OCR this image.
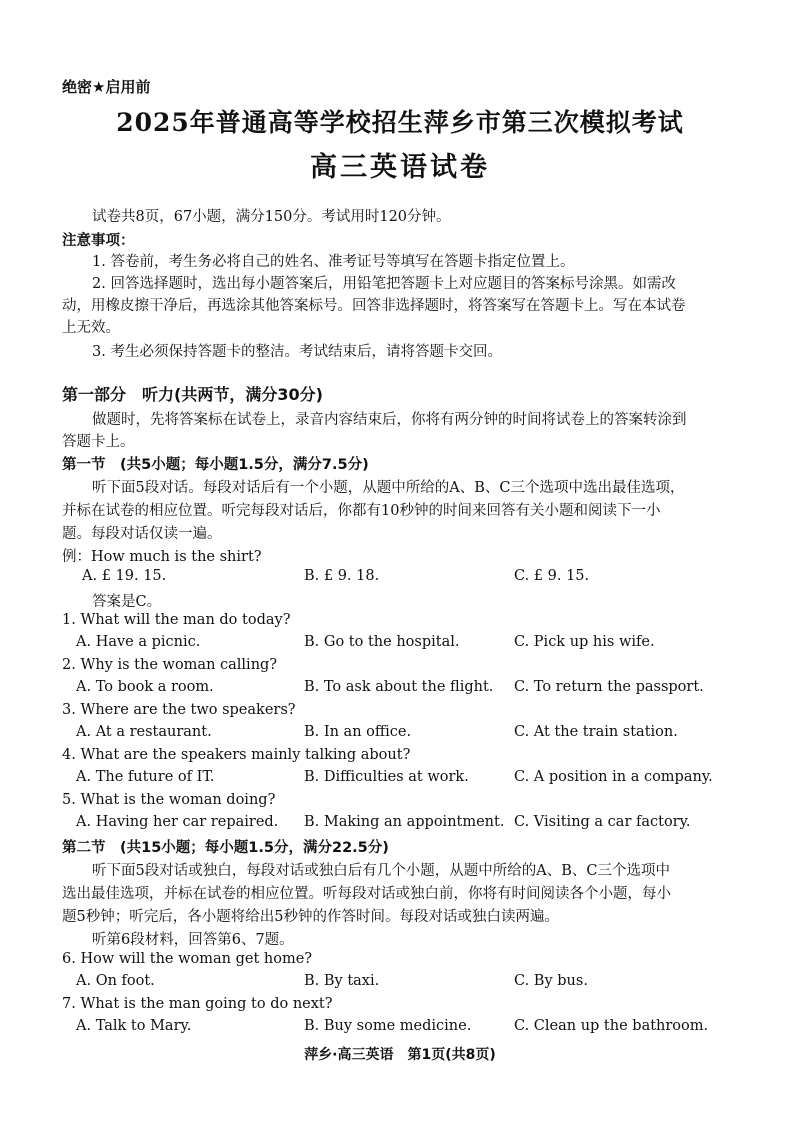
绝密★启用前
2025年普通高等学校招生萍乡市第三次模拟考试
高三英语试卷
试卷共8页，67小题，满分150分。考试用时120分钟。
注意事项：
1. 答卷前，考生务必将自己的姓名、准考证号等填写在答题卡指定位置上。
2. 回答选择题时，选出每小题答案后，用铅笔把答题卡上对应题目的答案标号涂黑。如需改
动，用橡皮擦干净后，再选涂其他答案标号。回答非选择题时，将答案写在答题卡上。写在本试卷
上无效。
3. 考生必须保持答题卡的整洁。考试结束后，请将答题卡交回。
第一部分　听力(共两节，满分30分)
做题时，先将答案标在试卷上，录音内容结束后，你将有两分钟的时间将试卷上的答案转涂到
答题卡上。
第一节　(共5小题；每小题1.5分，满分7.5分)
听下面5段对话。每段对话后有一个小题，从题中所给的A、B、C三个选项中选出最佳选项，
并标在试卷的相应位置。听完每段对话后，你都有10秒钟的时间来回答有关小题和阅读下一小
题。每段对话仅读一遍。
例：How much is the shirt?
A. £ 19. 15.	B. £ 9. 18.	C. £ 9. 15.
答案是C。
1. What will the man do today?
A. Have a picnic.	B. Go to the hospital.	C. Pick up his wife.
2. Why is the woman calling?
A. To book a room.	B. To ask about the flight. C. To return the passport.
3. Where are the two speakers?
A. At a restaurant.	B. In an office.	C. At the train station.
4. What are the speakers mainly talking about?
A. The future of IT.	B. Difficulties at work.	C. A position in a company.
5. What is the woman doing?
A. Having her car repaired. B. Making an appointment. C. Visiting a car factory.
第二节　(共15小题；每小题1.5分，满分22.5分)
听下面5段对话或独白，每段对话或独白后有几个小题，从题中所给的A、B、C三个选项中
选出最佳选项，并标在试卷的相应位置。听每段对话或独白前，你将有时间阅读各个小题，每小
题5秒钟；听完后，各小题将给出5秒钟的作答时间。每段对话或独白读两遍。
听第6段材料，回答第6、7题。
6. How will the woman get home?
A. On foot.	B. By taxi.	C. By bus.
7. What is the man going to do next?
A. Talk to Mary.	B. Buy some medicine.	C. Clean up the bathroom.
萍乡·高三英语　第1页(共8页)
